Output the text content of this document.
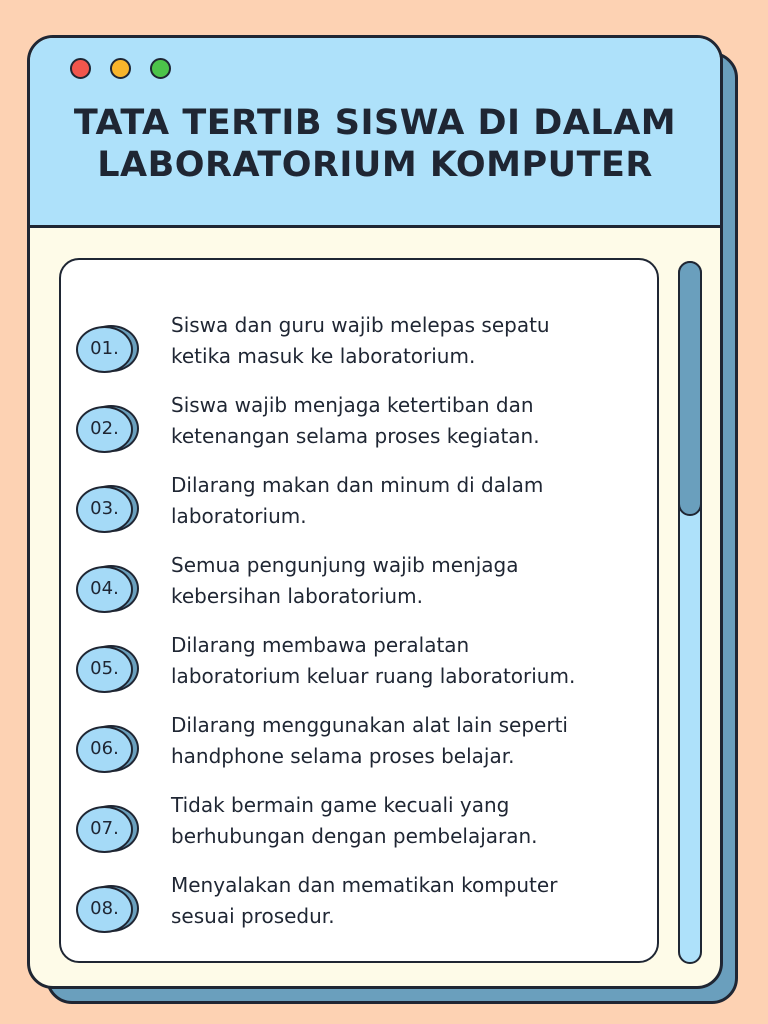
TATA TERTIB SISWA DI DALAM
LABORATORIUM KOMPUTER
01.

Siswa dan guru wajib melepas sepatu
ketika masuk ke laboratorium.

02.

Siswa wajib menjaga ketertiban dan
ketenangan selama proses kegiatan.

03.

Dilarang makan dan minum di dalam
laboratorium.

04.

Semua pengunjung wajib menjaga
kebersihan laboratorium.

05.

Dilarang membawa peralatan
laboratorium keluar ruang laboratorium.

06.

Dilarang menggunakan alat lain seperti
handphone selama proses belajar.

07.

Tidak bermain game kecuali yang
berhubungan dengan pembelajaran.

08.

Menyalakan dan mematikan komputer
sesuai prosedur.
